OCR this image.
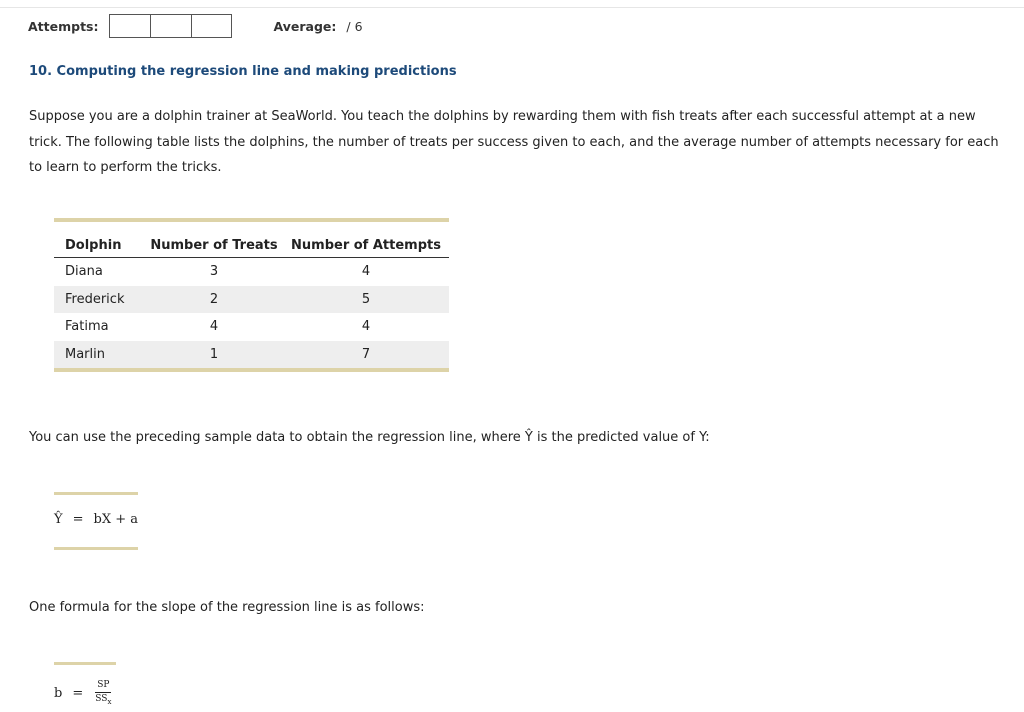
Attempts:	Average: / 6
10. Computing the regression line and making predictions
Suppose you are a dolphin trainer at SeaWorld. You teach the dolphins by rewarding them with fish treats after each successful attempt at a new trick. The following table lists the dolphins, the number of treats per success given to each, and the average number of attempts necessary for each to learn to perform the tricks.
Dolphin	Number of Treats	Number of Attempts
Diana	3	4
Frederick	2	5
Fatima	4	4
Marlin	1	7
You can use the preceding sample data to obtain the regression line, where Ŷ is the predicted value of Y:
Ŷ = bX + a
One formula for the slope of the regression line is as follows:
$b = \frac{SP}{SS_x}$
